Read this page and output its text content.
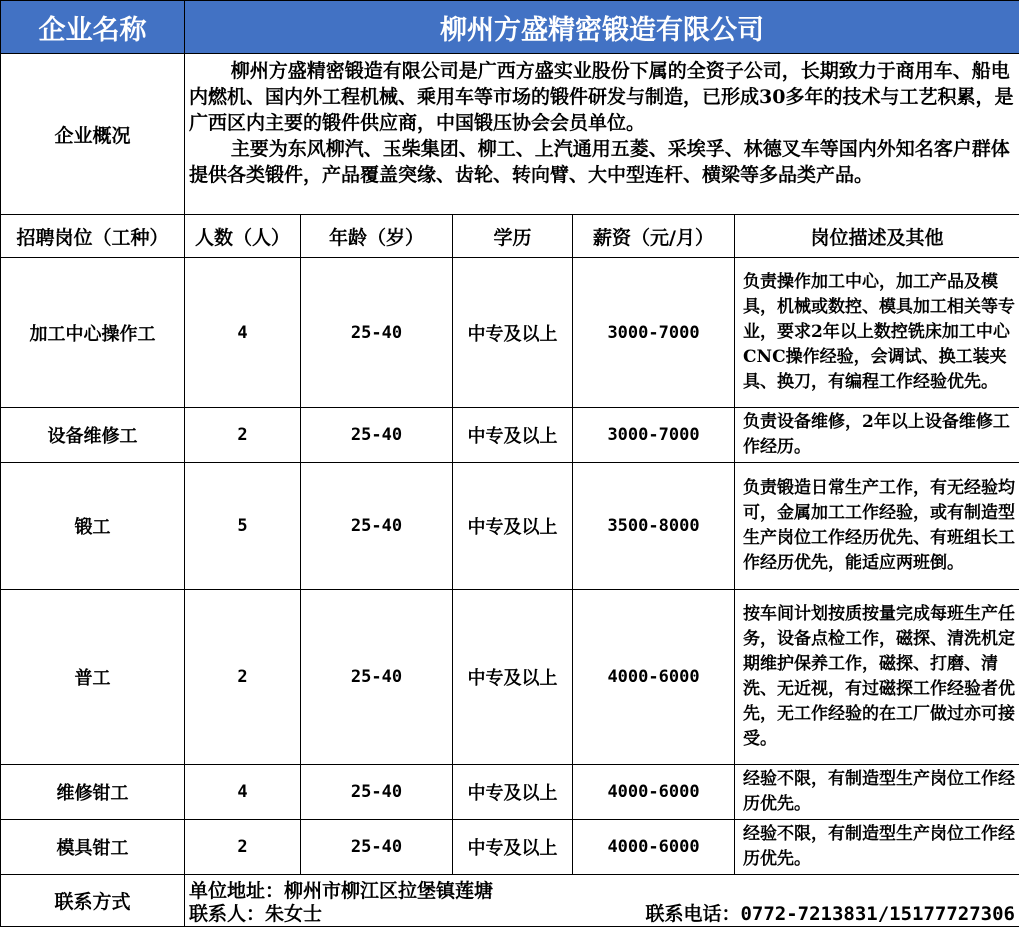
企业名称	柳州方盛精密锻造有限公司				
企业概况	柳州方盛精密锻造有限公司是广西方盛实业股份下属的全资子公司，长期致力于商用车、船电内燃机、国内外工程机械、乘用车等市场的锻件研发与制造，已形成30多年的技术与工艺积累，是广西区内主要的锻件供应商，中国锻压协会会员单位。

主要为东风柳汽、玉柴集团、柳工、上汽通用五菱、采埃孚、林德叉车等国内外知名客户群体提供各类锻件，产品覆盖突缘、齿轮、转向臂、大中型连杆、横梁等多品类产品。				

招聘岗位（工种）	人数（人）	年龄（岁）	学历	薪资（元/月）	岗位描述及其他
加工中心操作工	4	25-40	中专及以上	3000-7000	负责操作加工中心，加工产品及模具，机械或数控、模具加工相关等专业，要求2年以上数控铣床加工中心CNC操作经验，会调试、换工装夹具、换刀，有编程工作经验优先。
设备维修工	2	25-40	中专及以上	3000-7000	负责设备维修，2年以上设备维修工作经历。
锻工	5	25-40	中专及以上	3500-8000	负责锻造日常生产工作，有无经验均可，金属加工工作经验，或有制造型生产岗位工作经历优先、有班组长工作经历优先，能适应两班倒。
普工	2	25-40	中专及以上	4000-6000	按车间计划按质按量完成每班生产任务，设备点检工作，磁探、清洗机定期维护保养工作，磁探、打磨、清洗、无近视，有过磁探工作经验者优先，无工作经验的在工厂做过亦可接受。
维修钳工	4	25-40	中专及以上	4000-6000	经验不限，有制造型生产岗位工作经历优先。
模具钳工	2	25-40	中专及以上	4000-6000	经验不限，有制造型生产岗位工作经历优先。
联系方式	单位地址：柳州市柳江区拉堡镇莲塘
联系人：朱女士 联系电话：0772-7213831/15177727306				
